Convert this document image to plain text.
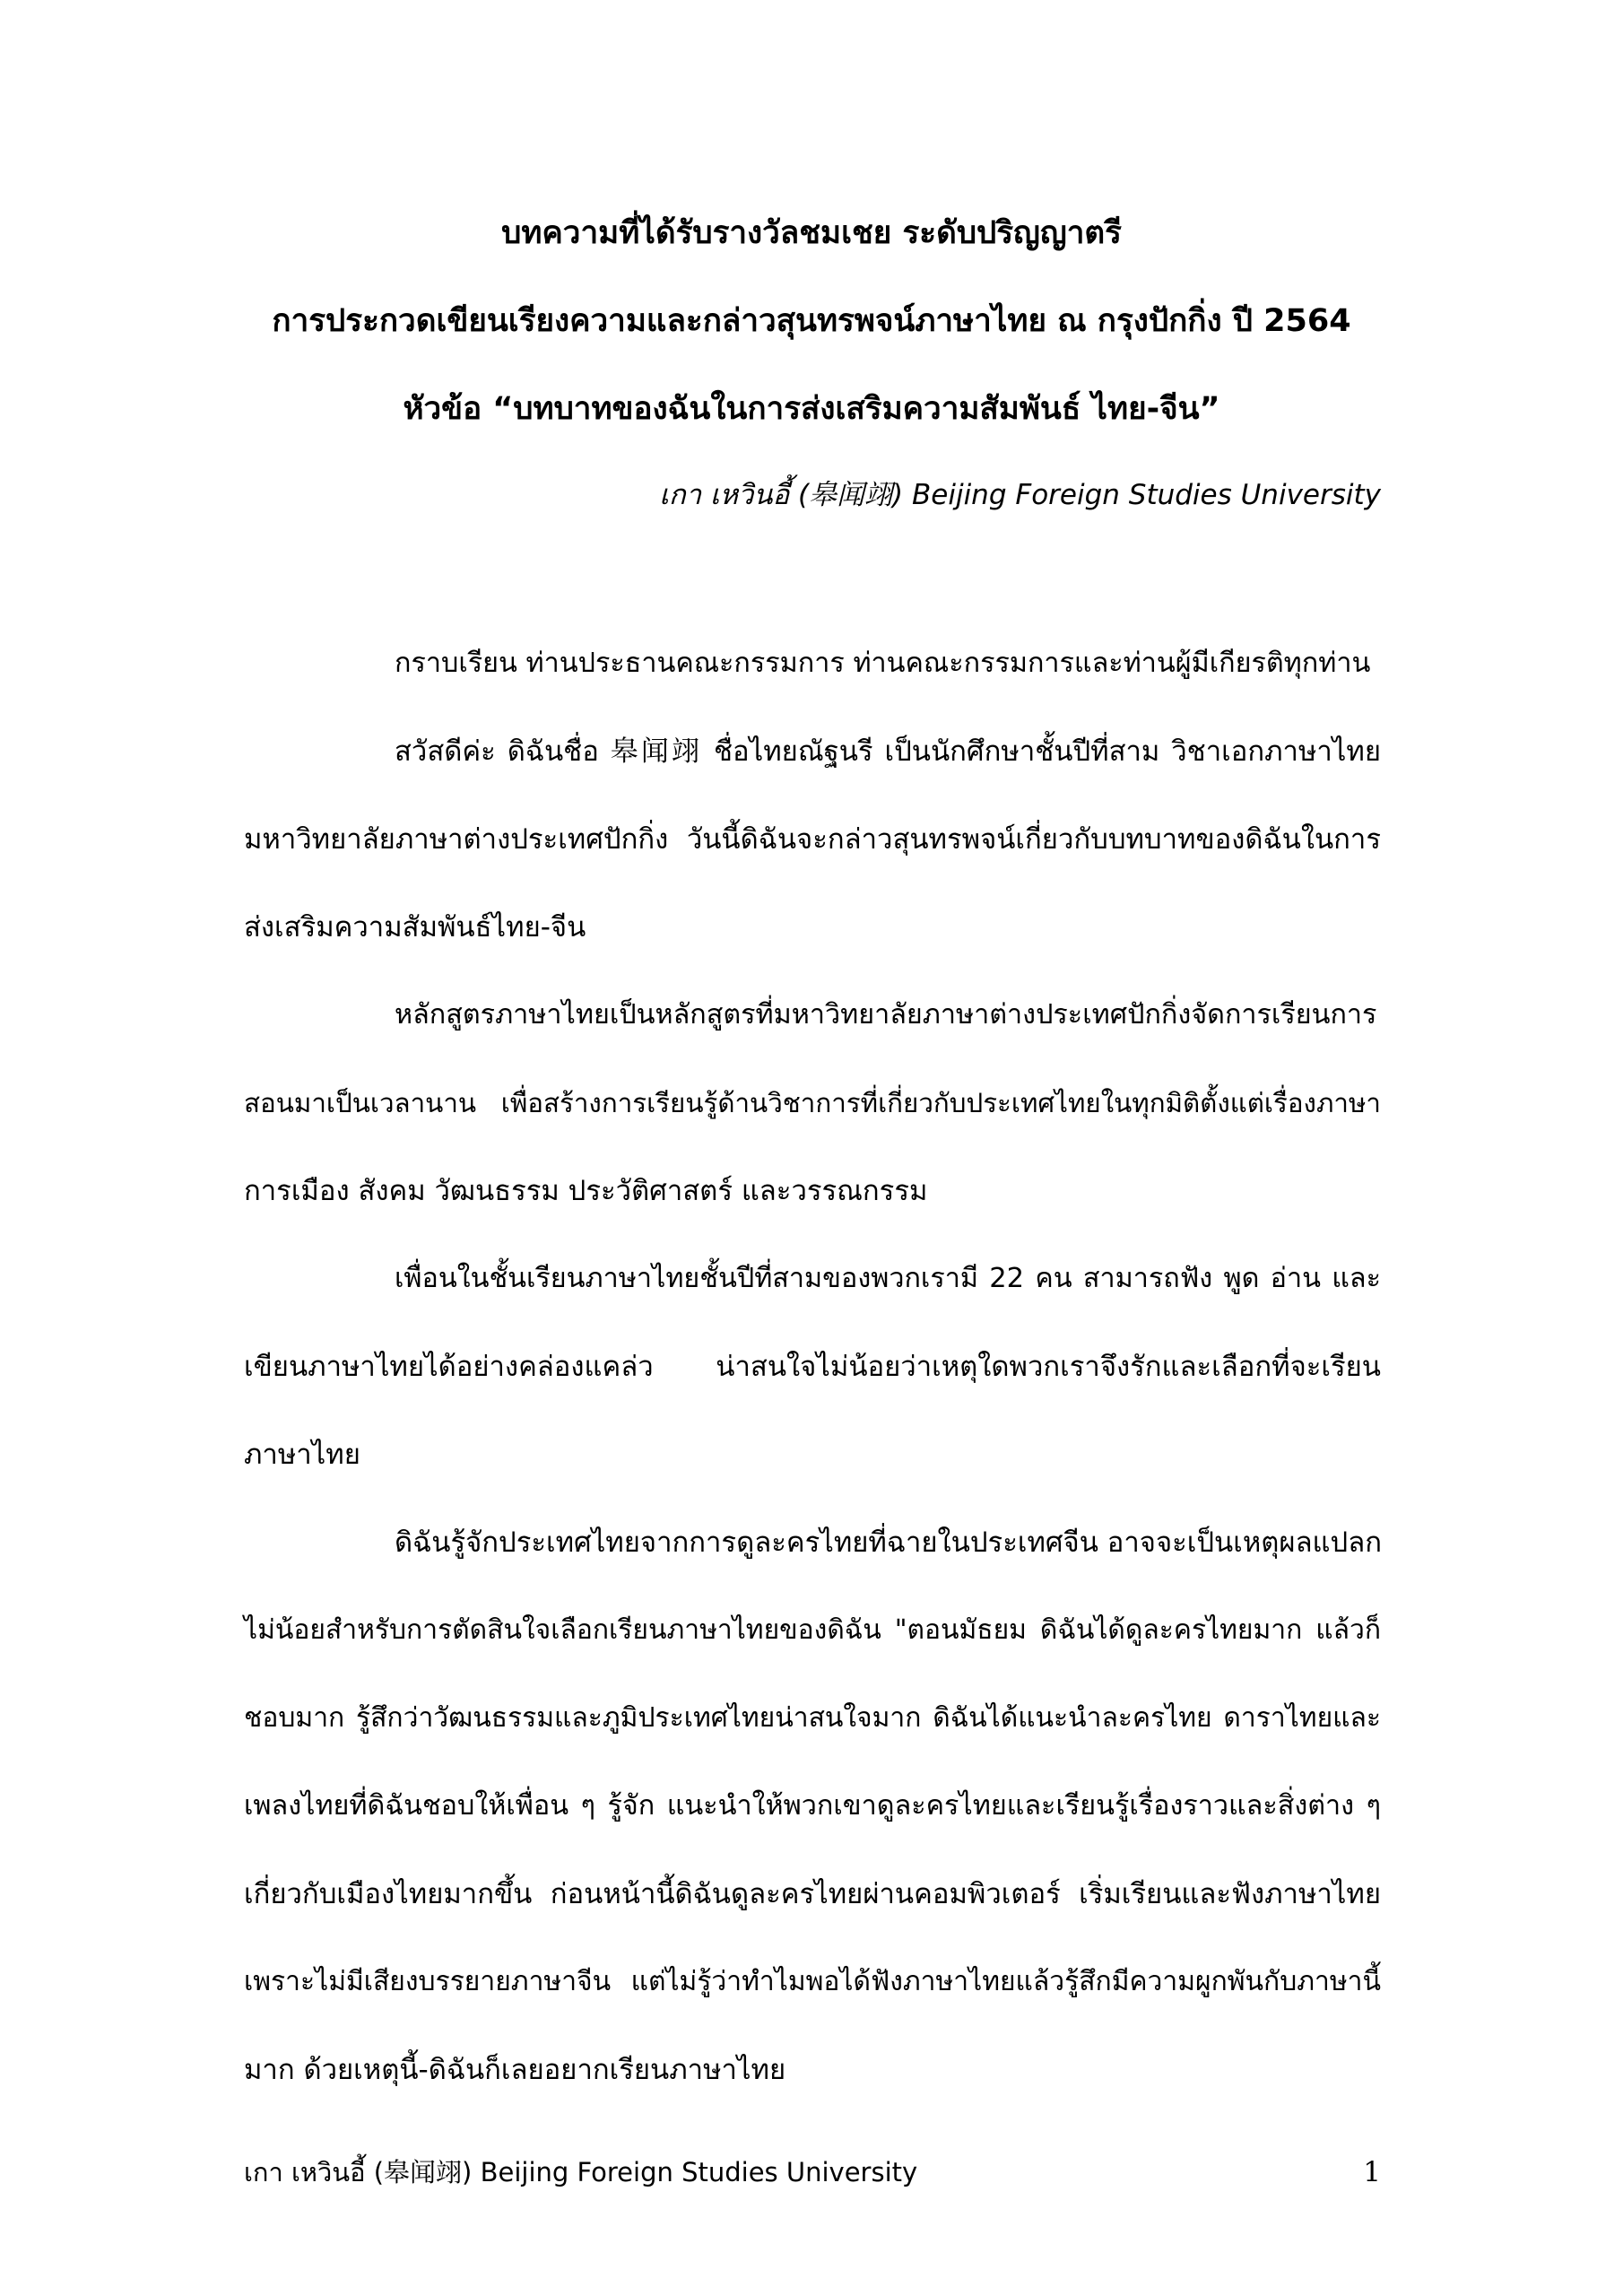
บทความที่ได้รับรางวัลชมเชย ระดับปริญญาตรี
การประกวดเขียนเรียงความและกล่าวสุนทรพจน์ภาษาไทย ณ กรุงปักกิ่ง ปี 2564
หัวข้อ “บทบาทของฉันในการส่งเสริมความสัมพันธ์ ไทย-จีน”
เกา เหวินอี้ (皋闻翊) Beijing Foreign Studies University
กราบเรียน ท่านประธานคณะกรรมการ ท่านคณะกรรมการและท่านผู้มีเกียรติทุกท่าน
สวัสดีค่ะ ดิฉันชื่อ 皋闻翊 ชื่อไทยณัฐนรี เป็นนักศึกษาชั้นปีที่สาม วิชาเอกภาษาไทย
มหาวิทยาลัยภาษาต่างประเทศปักกิ่ง วันนี้ดิฉันจะกล่าวสุนทรพจน์เกี่ยวกับบทบาทของดิฉันในการ
ส่งเสริมความสัมพันธ์ไทย-จีน
หลักสูตรภาษาไทยเป็นหลักสูตรที่มหาวิทยาลัยภาษาต่างประเทศปักกิ่งจัดการเรียนการ
สอนมาเป็นเวลานาน เพื่อสร้างการเรียนรู้ด้านวิชาการที่เกี่ยวกับประเทศไทยในทุกมิติตั้งแต่เรื่องภาษา
การเมือง สังคม วัฒนธรรม ประวัติศาสตร์ และวรรณกรรม
เพื่อนในชั้นเรียนภาษาไทยชั้นปีที่สามของพวกเรามี 22 คน สามารถฟัง พูด อ่าน และ
เขียนภาษาไทยได้อย่างคล่องแคล่ว น่าสนใจไม่น้อยว่าเหตุใดพวกเราจึงรักและเลือกที่จะเรียน
ภาษาไทย
ดิฉันรู้จักประเทศไทยจากการดูละครไทยที่ฉายในประเทศจีน อาจจะเป็นเหตุผลแปลก
ไม่น้อยสำหรับการตัดสินใจเลือกเรียนภาษาไทยของดิฉัน "ตอนมัธยม ดิฉันได้ดูละครไทยมาก แล้วก็
ชอบมาก รู้สึกว่าวัฒนธรรมและภูมิประเทศไทยน่าสนใจมาก ดิฉันได้แนะนำละครไทย ดาราไทยและ
เพลงไทยที่ดิฉันชอบให้เพื่อน ๆ รู้จัก แนะนำให้พวกเขาดูละครไทยและเรียนรู้เรื่องราวและสิ่งต่าง ๆ
เกี่ยวกับเมืองไทยมากขึ้น ก่อนหน้านี้ดิฉันดูละครไทยผ่านคอมพิวเตอร์ เริ่มเรียนและฟังภาษาไทย
เพราะไม่มีเสียงบรรยายภาษาจีน แต่ไม่รู้ว่าทำไมพอได้ฟังภาษาไทยแล้วรู้สึกมีความผูกพันกับภาษานี้
มาก ด้วยเหตุนี้-ดิฉันก็เลยอยากเรียนภาษาไทย
เกา เหวินอี้ (皋闻翊) Beijing Foreign Studies University	1
